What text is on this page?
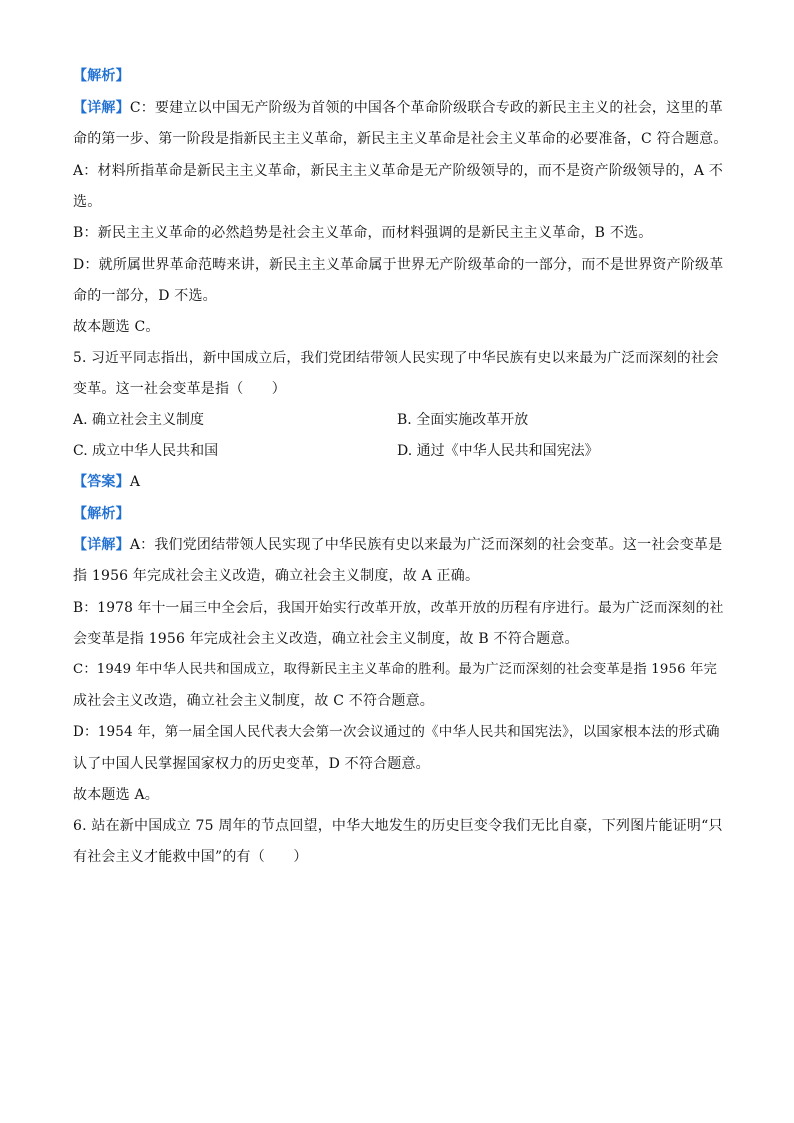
【解析】
【详解】C：要建立以中国无产阶级为首领的中国各个革命阶级联合专政的新民主主义的社会，这里的革
命的第一步、第一阶段是指新民主主义革命，新民主主义革命是社会主义革命的必要准备，C 符合题意。
A：材料所指革命是新民主主义革命，新民主主义革命是无产阶级领导的，而不是资产阶级领导的，A 不
选。
B：新民主主义革命的必然趋势是社会主义革命，而材料强调的是新民主主义革命，B 不选。
D：就所属世界革命范畴来讲，新民主主义革命属于世界无产阶级革命的一部分，而不是世界资产阶级革
命的一部分，D 不选。
故本题选 C。
5. 习近平同志指出，新中国成立后，我们党团结带领人民实现了中华民族有史以来最为广泛而深刻的社会
变革。这一社会变革是指（　　）
A. 确立社会主义制度	B. 全面实施改革开放
C. 成立中华人民共和国	D. 通过《中华人民共和国宪法》
【答案】A
【解析】
【详解】A：我们党团结带领人民实现了中华民族有史以来最为广泛而深刻的社会变革。这一社会变革是
指 1956 年完成社会主义改造，确立社会主义制度，故 A 正确。
B：1978 年十一届三中全会后，我国开始实行改革开放，改革开放的历程有序进行。最为广泛而深刻的社
会变革是指 1956 年完成社会主义改造，确立社会主义制度，故 B 不符合题意。
C：1949 年中华人民共和国成立，取得新民主主义革命的胜利。最为广泛而深刻的社会变革是指 1956 年完
成社会主义改造，确立社会主义制度，故 C 不符合题意。
D：1954 年，第一届全国人民代表大会第一次会议通过的《中华人民共和国宪法》，以国家根本法的形式确
认了中国人民掌握国家权力的历史变革，D 不符合题意。
故本题选 A。
6. 站在新中国成立 75 周年的节点回望，中华大地发生的历史巨变令我们无比自豪，下列图片能证明“只
有社会主义才能救中国”的有（　　）
